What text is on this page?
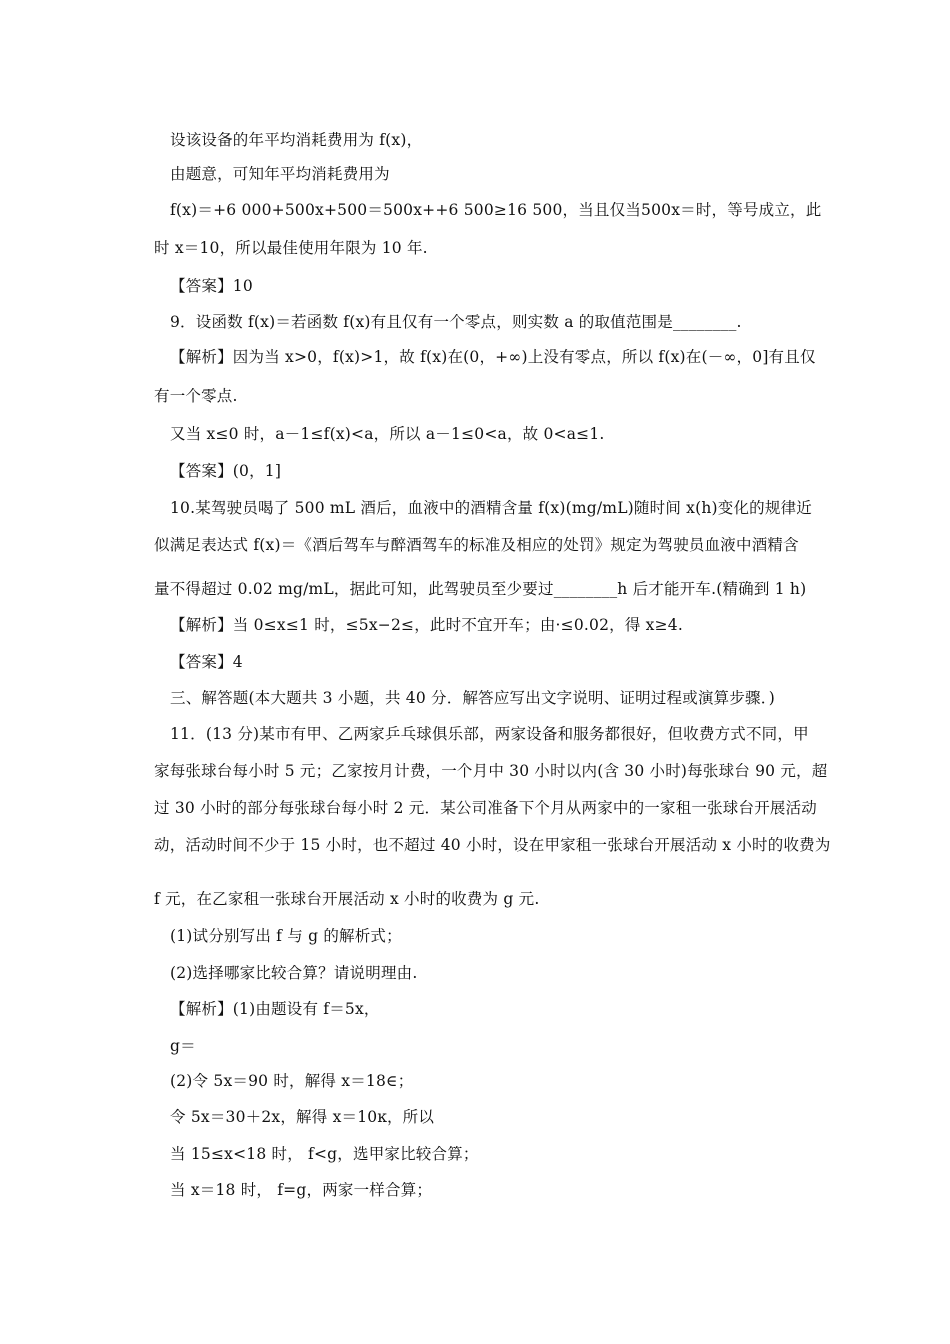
设该设备的年平均消耗费用为 f(x)，
由题意，可知年平均消耗费用为
f(x)＝+6 000+500x+500＝500x++6 500≥16 500，当且仅当500x＝时，等号成立，此
时 x＝10，所以最佳使用年限为 10 年.
【答案】10
9．设函数 f(x)＝若函数 f(x)有且仅有一个零点，则实数 a 的取值范围是________.
【解析】因为当 x>0，f(x)>1，故 f(x)在(0，+∞)上没有零点，所以 f(x)在(－∞，0]有且仅
有一个零点.
又当 x≤0 时，a－1≤f(x)<a，所以 a－1≤0<a，故 0<a≤1.
【答案】(0，1]
10.某驾驶员喝了 500 mL 酒后，血液中的酒精含量 f(x)(mg/mL)随时间 x(h)变化的规律近
似满足表达式 f(x)＝《酒后驾车与醉酒驾车的标准及相应的处罚》规定为驾驶员血液中酒精含
量不得超过 0.02 mg/mL，据此可知，此驾驶员至少要过________h 后才能开车.(精确到 1 h)
【解析】当 0≤x≤1 时，≤5x−2≤，此时不宜开车；由·≤0.02，得 x≥4.
【答案】4
三、解答题(本大题共 3 小题，共 40 分．解答应写出文字说明、证明过程或演算步骤．)
11．(13 分)某市有甲、乙两家乒乓球俱乐部，两家设备和服务都很好，但收费方式不同，甲
家每张球台每小时 5 元；乙家按月计费，一个月中 30 小时以内(含 30 小时)每张球台 90 元，超
过 30 小时的部分每张球台每小时 2 元．某公司准备下个月从两家中的一家租一张球台开展活动
动，活动时间不少于 15 小时，也不超过 40 小时，设在甲家租一张球台开展活动 x 小时的收费为
f 元，在乙家租一张球台开展活动 x 小时的收费为 g 元.
(1)试分别写出 f 与 g 的解析式；
(2)选择哪家比较合算？请说明理由.
【解析】(1)由题设有 f＝5x，
g＝
(2)令 5x＝90 时，解得 x＝18∈；
令 5x＝30＋2x，解得 x＝10ĸ，所以
当 15≤x<18 时， f<g，选甲家比较合算；
当 x＝18 时， f=g，两家一样合算；
